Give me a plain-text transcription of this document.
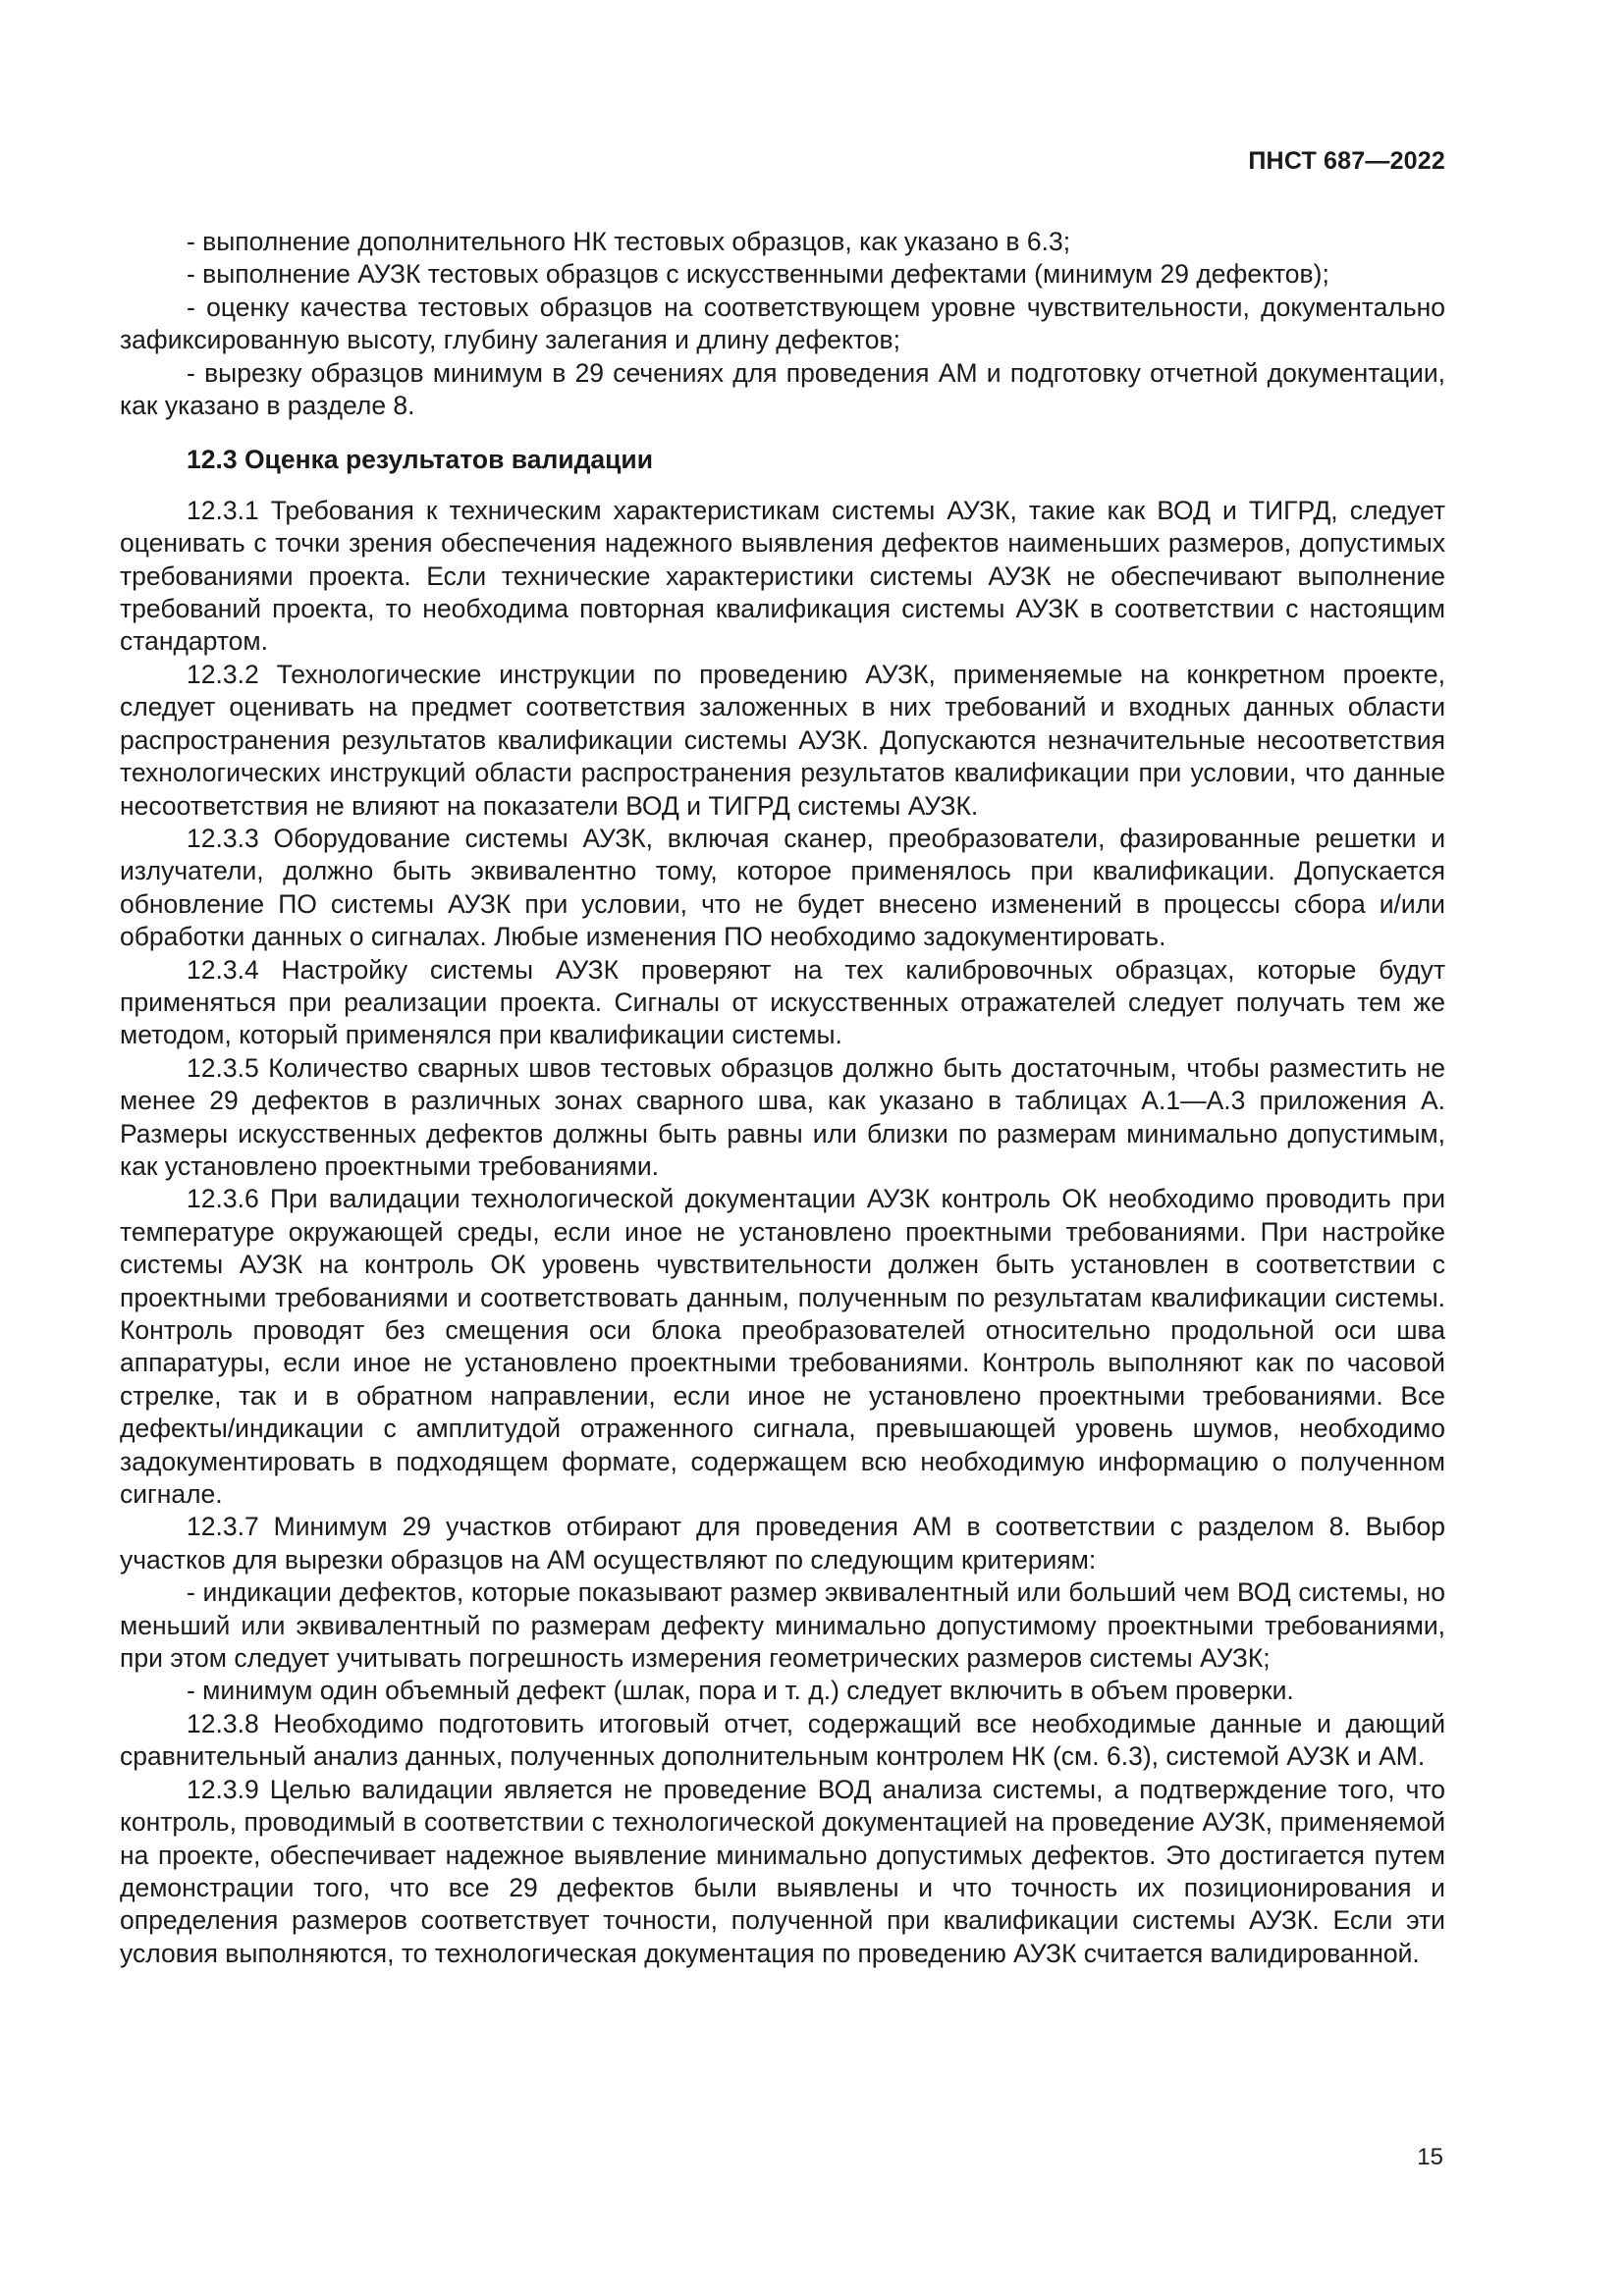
ПНСТ 687—2022

- выполнение дополнительного НК тестовых образцов, как указано в 6.3;

- выполнение АУЗК тестовых образцов с искусственными дефектами (минимум 29 дефектов);

- оценку качества тестовых образцов на соответствующем уровне чувствительности, документально зафиксированную высоту, глубину залегания и длину дефектов;

- вырезку образцов минимум в 29 сечениях для проведения АМ и подготовку отчетной документации, как указано в разделе 8.

12.3 Оценка результатов валидации

12.3.1 Требования к техническим характеристикам системы АУЗК, такие как ВОД и ТИГРД, следует оценивать с точки зрения обеспечения надежного выявления дефектов наименьших размеров, допустимых требованиями проекта. Если технические характеристики системы АУЗК не обеспечивают выполнение требований проекта, то необходима повторная квалификация системы АУЗК в соответствии с настоящим стандартом.

12.3.2 Технологические инструкции по проведению АУЗК, применяемые на конкретном проекте, следует оценивать на предмет соответствия заложенных в них требований и входных данных области распространения результатов квалификации системы АУЗК. Допускаются незначительные несоответствия технологических инструкций области распространения результатов квалификации при условии, что данные несоответствия не влияют на показатели ВОД и ТИГРД системы АУЗК.

12.3.3 Оборудование системы АУЗК, включая сканер, преобразователи, фазированные решетки и излучатели, должно быть эквивалентно тому, которое применялось при квалификации. Допускается обновление ПО системы АУЗК при условии, что не будет внесено изменений в процессы сбора и/или обработки данных о сигналах. Любые изменения ПО необходимо задокументировать.

12.3.4 Настройку системы АУЗК проверяют на тех калибровочных образцах, которые будут применяться при реализации проекта. Сигналы от искусственных отражателей следует получать тем же методом, который применялся при квалификации системы.

12.3.5 Количество сварных швов тестовых образцов должно быть достаточным, чтобы разместить не менее 29 дефектов в различных зонах сварного шва, как указано в таблицах А.1—А.3 приложения А. Размеры искусственных дефектов должны быть равны или близки по размерам минимально допустимым, как установлено проектными требованиями.

12.3.6 При валидации технологической документации АУЗК контроль ОК необходимо проводить при температуре окружающей среды, если иное не установлено проектными требованиями. При настройке системы АУЗК на контроль ОК уровень чувствительности должен быть установлен в соответствии с проектными требованиями и соответствовать данным, полученным по результатам квалификации системы. Контроль проводят без смещения оси блока преобразователей относительно продольной оси шва аппаратуры, если иное не установлено проектными требованиями. Контроль выполняют как по часовой стрелке, так и в обратном направлении, если иное не установлено проектными требованиями. Все дефекты/индикации с амплитудой отраженного сигнала, превышающей уровень шумов, необходимо задокументировать в подходящем формате, содержащем всю необходимую информацию о полученном сигнале.

12.3.7 Минимум 29 участков отбирают для проведения АМ в соответствии с разделом 8. Выбор участков для вырезки образцов на АМ осуществляют по следующим критериям:

- индикации дефектов, которые показывают размер эквивалентный или больший чем ВОД системы, но меньший или эквивалентный по размерам дефекту минимально допустимому проектными требованиями, при этом следует учитывать погрешность измерения геометрических размеров системы АУЗК;

- минимум один объемный дефект (шлак, пора и т. д.) следует включить в объем проверки.

12.3.8 Необходимо подготовить итоговый отчет, содержащий все необходимые данные и дающий сравнительный анализ данных, полученных дополнительным контролем НК (см. 6.3), системой АУЗК и АМ.

12.3.9 Целью валидации является не проведение ВОД анализа системы, а подтверждение того, что контроль, проводимый в соответствии с технологической документацией на проведение АУЗК, применяемой на проекте, обеспечивает надежное выявление минимально допустимых дефектов. Это достигается путем демонстрации того, что все 29 дефектов были выявлены и что точность их позиционирования и определения размеров соответствует точности, полученной при квалификации системы АУЗК. Если эти условия выполняются, то технологическая документация по проведению АУЗК считается валидированной.

15
